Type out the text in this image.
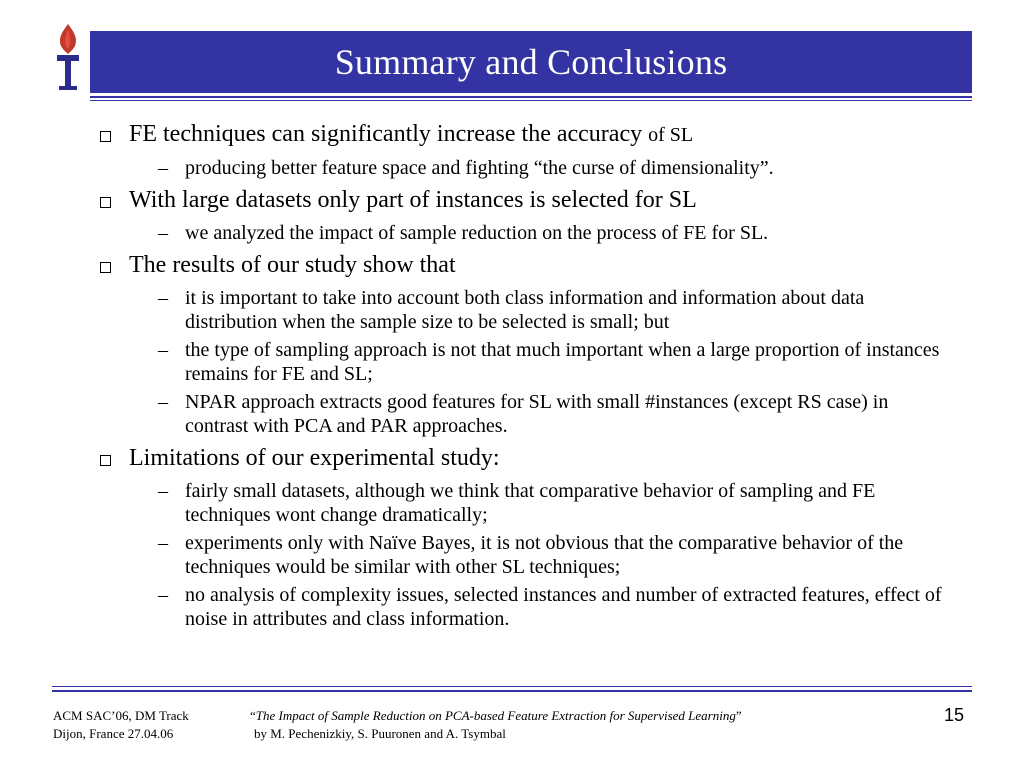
Summary and Conclusions
FE techniques can significantly increase the accuracy of SL
– producing better feature space and fighting “the curse of dimensionality”.
With large datasets only part of instances is selected for SL
– we analyzed the impact of sample reduction on the process of FE for SL.
The results of our study show that
– it is important to take into account both class information and information about data distribution when the sample size to be selected is small; but
– the type of sampling approach is not that much important when a large proportion of instances remains for FE and SL;
– NPAR approach extracts good features for SL with small #instances (except RS case) in contrast with PCA and PAR approaches.
Limitations of our experimental study:
– fairly small datasets, although we think that comparative behavior of sampling and FE techniques wont change dramatically;
– experiments only with Naïve Bayes, it is not obvious that the comparative behavior of the techniques would be similar with other SL techniques;
– no analysis of complexity issues, selected instances and number of extracted features, effect of noise in attributes and class information.
ACM SAC’06, DM Track
Dijon, France 27.04.06
“The Impact of Sample Reduction on PCA-based Feature Extraction for Supervised Learning”
by M. Pechenizkiy, S. Puuronen and A. Tsymbal
15
